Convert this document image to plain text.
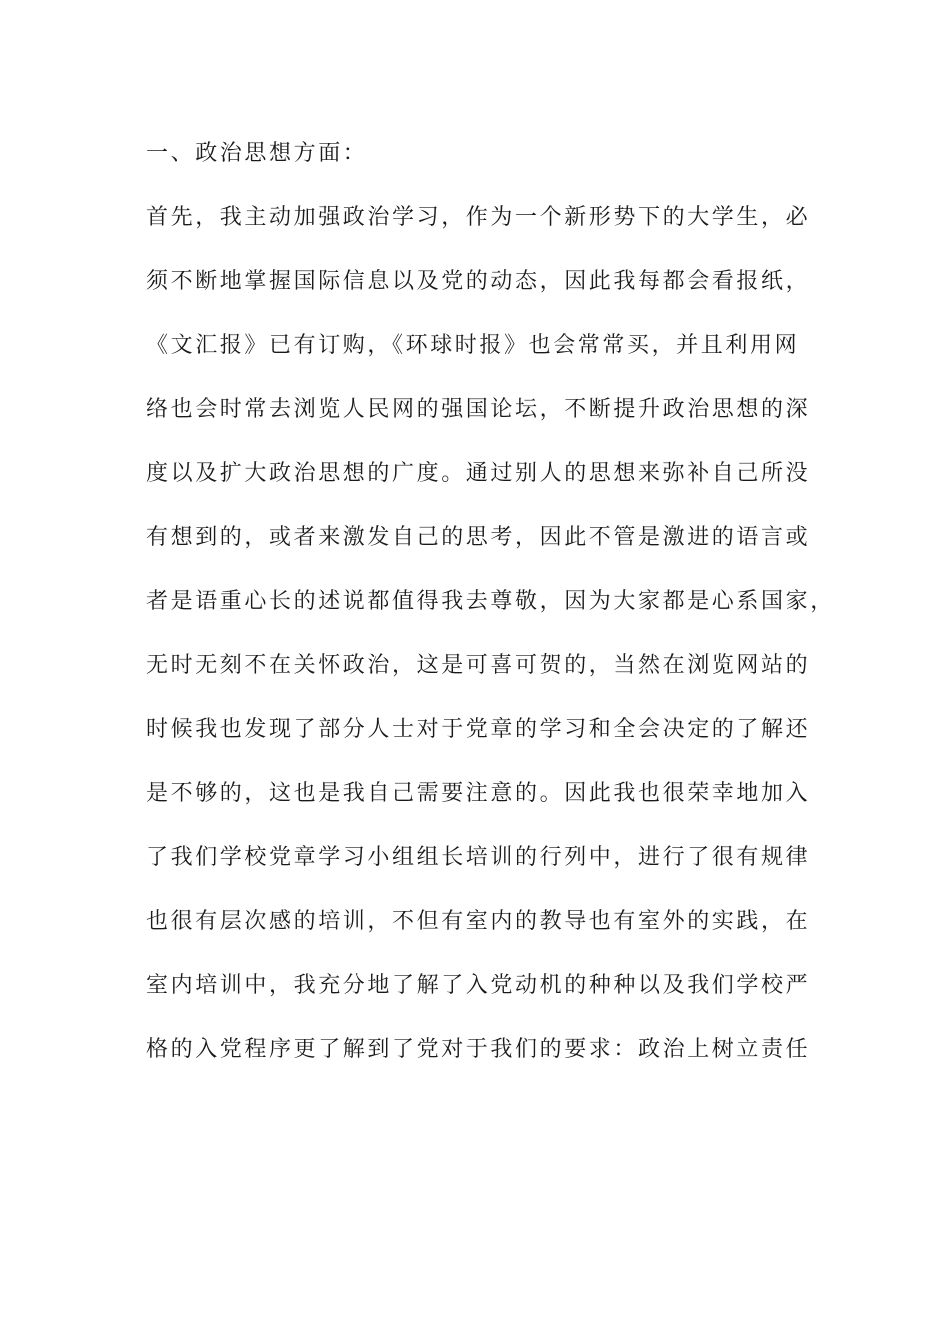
一、政治思想方面：
首先，我主动加强政治学习，作为一个新形势下的大学生，必
须不断地掌握国际信息以及党的动态，因此我每都会看报纸，
《文汇报》已有订购，《环球时报》也会常常买，并且利用网
络也会时常去浏览人民网的强国论坛，不断提升政治思想的深
度以及扩大政治思想的广度。通过别人的思想来弥补自己所没
有想到的，或者来激发自己的思考，因此不管是激进的语言或
者是语重心长的述说都值得我去尊敬，因为大家都是心系国家，
无时无刻不在关怀政治，这是可喜可贺的，当然在浏览网站的
时候我也发现了部分人士对于党章的学习和全会决定的了解还
是不够的，这也是我自己需要注意的。因此我也很荣幸地加入
了我们学校党章学习小组组长培训的行列中，进行了很有规律
也很有层次感的培训，不但有室内的教导也有室外的实践，在
室内培训中，我充分地了解了入党动机的种种以及我们学校严
格的入党程序更了解到了党对于我们的要求：政治上树立责任
